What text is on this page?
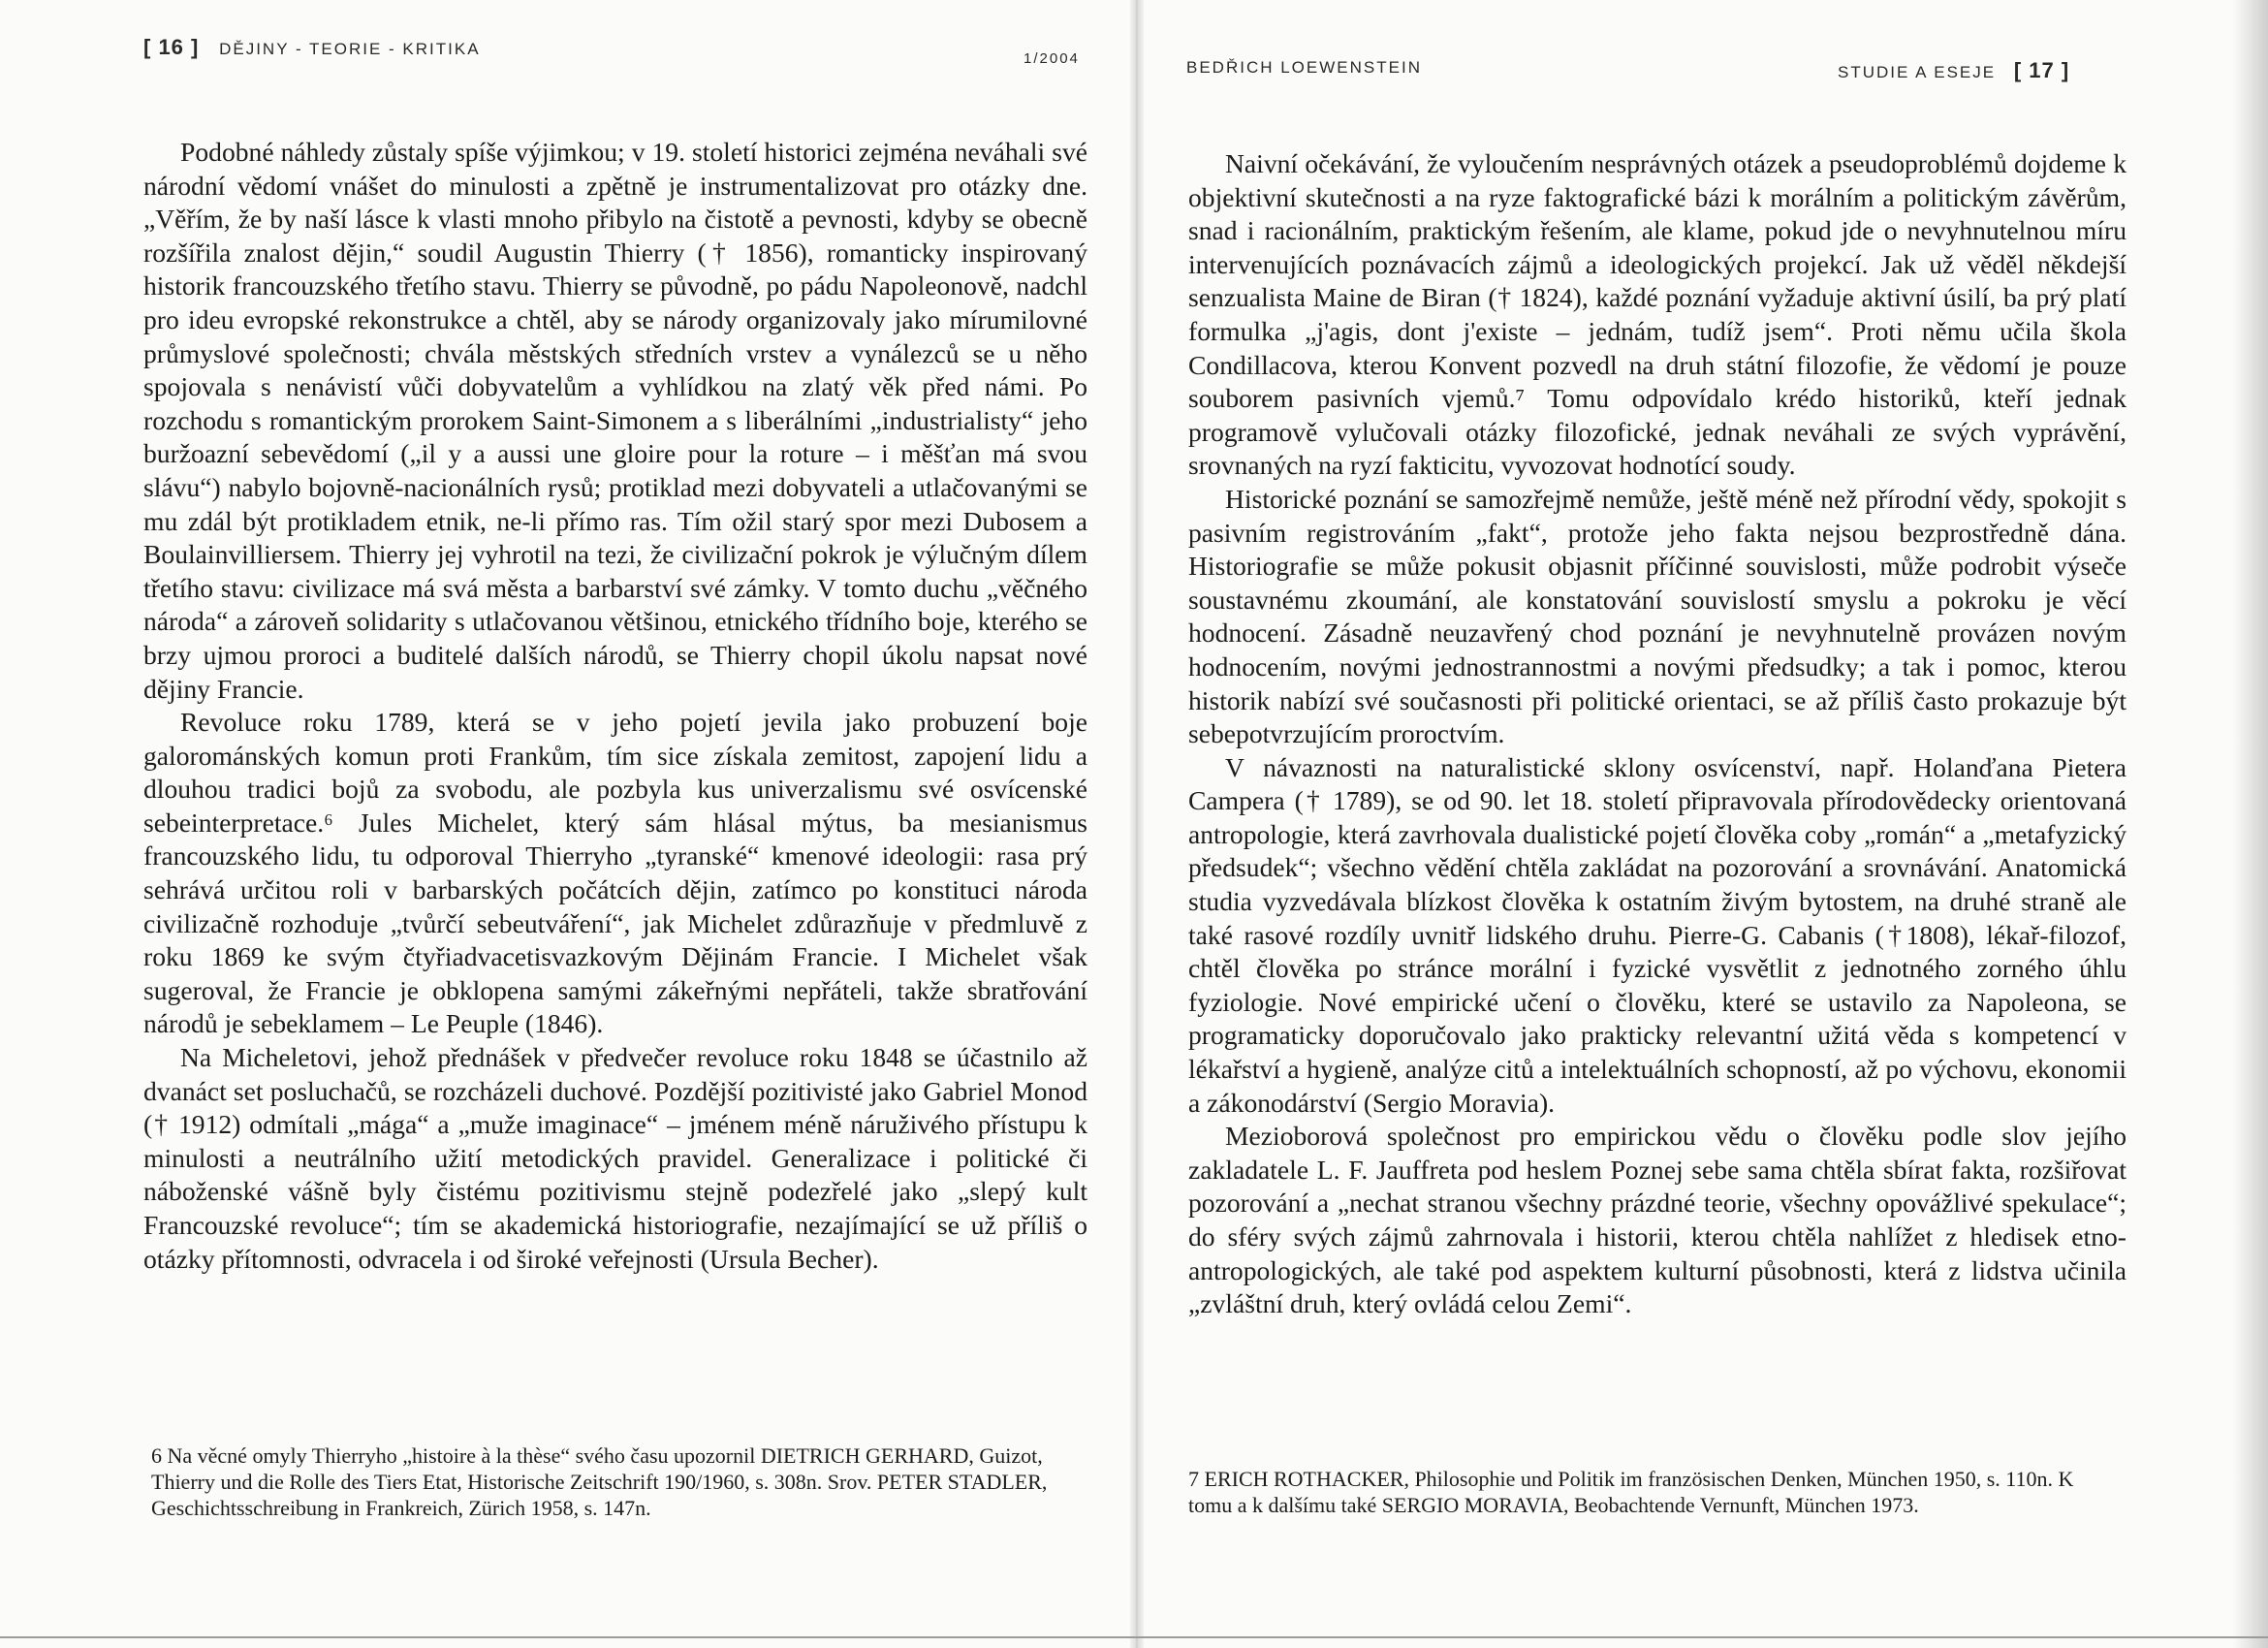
[ 16 ] DĚJINY - TEORIE - KRITIKA
1/2004

Podobné náhledy zůstaly spíše výjimkou; v 19. století historici zejména neváhali své národní vědomí vnášet do minulosti a zpětně je instrumentalizovat pro otázky dne. „Věřím, že by naší lásce k vlasti mnoho přibylo na čistotě a pevnosti, kdyby se obecně rozšířila znalost dějin,“ soudil Augustin Thierry († 1856), romanticky inspirovaný historik francouzského třetího stavu. Thierry se původně, po pádu Napoleonově, nadchl pro ideu evropské rekonstrukce a chtěl, aby se národy organizovaly jako mírumilovné průmyslové společnosti; chvála městských středních vrstev a vynálezců se u něho spojovala s nenávistí vůči dobyvatelům a vyhlídkou na zlatý věk před námi. Po rozchodu s romantickým prorokem Saint-Simonem a s liberálními „industrialisty“ jeho buržoazní sebevědomí („il y a aussi une gloire pour la roture – i měšťan má svou slávu“) nabylo bojovně-nacionálních rysů; protiklad mezi dobyvateli a utlačovanými se mu zdál být protikladem etnik, ne-li přímo ras. Tím ožil starý spor mezi Dubosem a Boulainvilliersem. Thierry jej vyhrotil na tezi, že civilizační pokrok je výlučným dílem třetího stavu: civilizace má svá města a barbarství své zámky. V tomto duchu „věčného národa“ a zároveň solidarity s utlačovanou většinou, etnického třídního boje, kterého se brzy ujmou proroci a buditelé dalších národů, se Thierry chopil úkolu napsat nové dějiny Francie.

Revoluce roku 1789, která se v jeho pojetí jevila jako probuzení boje galorománských komun proti Frankům, tím sice získala zemitost, zapojení lidu a dlouhou tradici bojů za svobodu, ale pozbyla kus univerzalismu své osvícenské sebeinterpretace.⁶ Jules Michelet, který sám hlásal mýtus, ba mesianismus francouzského lidu, tu odporoval Thierryho „tyranské“ kmenové ideologii: rasa prý sehrává určitou roli v barbarských počátcích dějin, zatímco po konstituci národa civilizačně rozhoduje „tvůrčí sebeutváření“, jak Michelet zdůrazňuje v předmluvě z roku 1869 ke svým čtyřiadvacetisvazkovým Dějinám Francie. I Michelet však sugeroval, že Francie je obklopena samými zákeřnými nepřáteli, takže sbratřování národů je sebeklamem – Le Peuple (1846).

Na Micheletovi, jehož přednášek v předvečer revoluce roku 1848 se účastnilo až dvanáct set posluchačů, se rozcházeli duchové. Pozdější pozitivisté jako Gabriel Monod († 1912) odmítali „mága“ a „muže imaginace“ – jménem méně náruživého přístupu k minulosti a neutrálního užití metodických pravidel. Generalizace i politické či náboženské vášně byly čistému pozitivismu stejně podezřelé jako „slepý kult Francouzské revoluce“; tím se akademická historiografie, nezajímající se už příliš o otázky přítomnosti, odvracela i od široké veřejnosti (Ursula Becher).

6 Na věcné omyly Thierryho „histoire à la thèse“ svého času upozornil DIETRICH GERHARD, Guizot, Thierry und die Rolle des Tiers Etat, Historische Zeitschrift 190/1960, s. 308n. Srov. PETER STADLER, Geschichtsschreibung in Frankreich, Zürich 1958, s. 147n.

BEDŘICH LOEWENSTEIN	STUDIE A ESEJE [ 17 ]

Naivní očekávání, že vyloučením nesprávných otázek a pseudoproblémů dojdeme k objektivní skutečnosti a na ryze faktografické bázi k morálním a politickým závěrům, snad i racionálním, praktickým řešením, ale klame, pokud jde o nevyhnutelnou míru intervenujících poznávacích zájmů a ideologických projekcí. Jak už věděl někdejší senzualista Maine de Biran († 1824), každé poznání vyžaduje aktivní úsilí, ba prý platí formulka „j'agis, dont j'existe – jednám, tudíž jsem“. Proti němu učila škola Condillacova, kterou Konvent pozvedl na druh státní filozofie, že vědomí je pouze souborem pasivních vjemů.⁷ Tomu odpovídalo krédo historiků, kteří jednak programově vylučovali otázky filozofické, jednak neváhali ze svých vyprávění, srovnaných na ryzí fakticitu, vyvozovat hodnotící soudy.

Historické poznání se samozřejmě nemůže, ještě méně než přírodní vědy, spokojit s pasivním registrováním „fakt“, protože jeho fakta nejsou bezprostředně dána. Historiografie se může pokusit objasnit příčinné souvislosti, může podrobit výseče soustavnému zkoumání, ale konstatování souvislostí smyslu a pokroku je věcí hodnocení. Zásadně neuzavřený chod poznání je nevyhnutelně provázen novým hodnocením, novými jednostrannostmi a novými předsudky; a tak i pomoc, kterou historik nabízí své současnosti při politické orientaci, se až příliš často prokazuje být sebepotvrzujícím proroctvím.

V návaznosti na naturalistické sklony osvícenství, např. Holanďana Pietera Campera († 1789), se od 90. let 18. století připravovala přírodovědecky orientovaná antropologie, která zavrhovala dualistické pojetí člověka coby „román“ a „metafyzický předsudek“; všechno vědění chtěla zakládat na pozorování a srovnávání. Anatomická studia vyzvedávala blízkost člověka k ostatním živým bytostem, na druhé straně ale také rasové rozdíly uvnitř lidského druhu. Pierre-G. Cabanis (†1808), lékař-filozof, chtěl člověka po stránce morální i fyzické vysvětlit z jednotného zorného úhlu fyziologie. Nové empirické učení o člověku, které se ustavilo za Napoleona, se programaticky doporučovalo jako prakticky relevantní užitá věda s kompetencí v lékařství a hygieně, analýze citů a intelektuálních schopností, až po výchovu, ekonomii a zákonodárství (Sergio Moravia).

Mezioborová společnost pro empirickou vědu o člověku podle slov jejího zakladatele L. F. Jauffreta pod heslem Poznej sebe sama chtěla sbírat fakta, rozšiřovat pozorování a „nechat stranou všechny prázdné teorie, všechny opovážlivé spekulace“; do sféry svých zájmů zahrnovala i historii, kterou chtěla nahlížet z hledisek etno-antropologických, ale také pod aspektem kulturní působnosti, která z lidstva učinila „zvláštní druh, který ovládá celou Zemi“.

7 ERICH ROTHACKER, Philosophie und Politik im französischen Denken, München 1950, s. 110n. K tomu a k dalšímu také SERGIO MORAVIA, Beobachtende Vernunft, München 1973.
